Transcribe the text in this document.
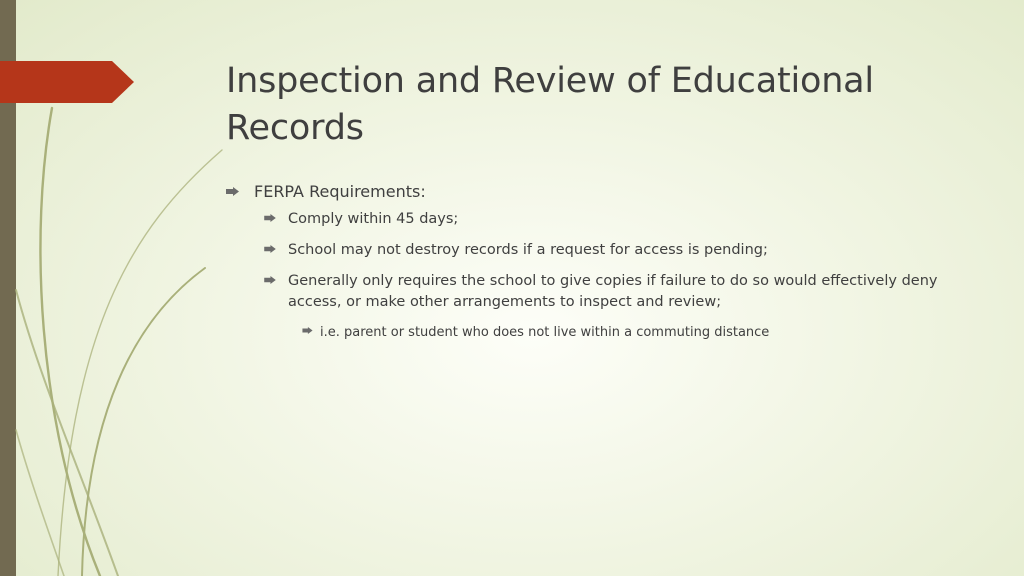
Inspection and Review of Educational Records
FERPA Requirements:
Comply within 45 days;
School may not destroy records if a request for access is pending;
Generally only requires the school to give copies if failure to do so would effectively deny access, or make other arrangements to inspect and review;
i.e. parent or student who does not live within a commuting distance
